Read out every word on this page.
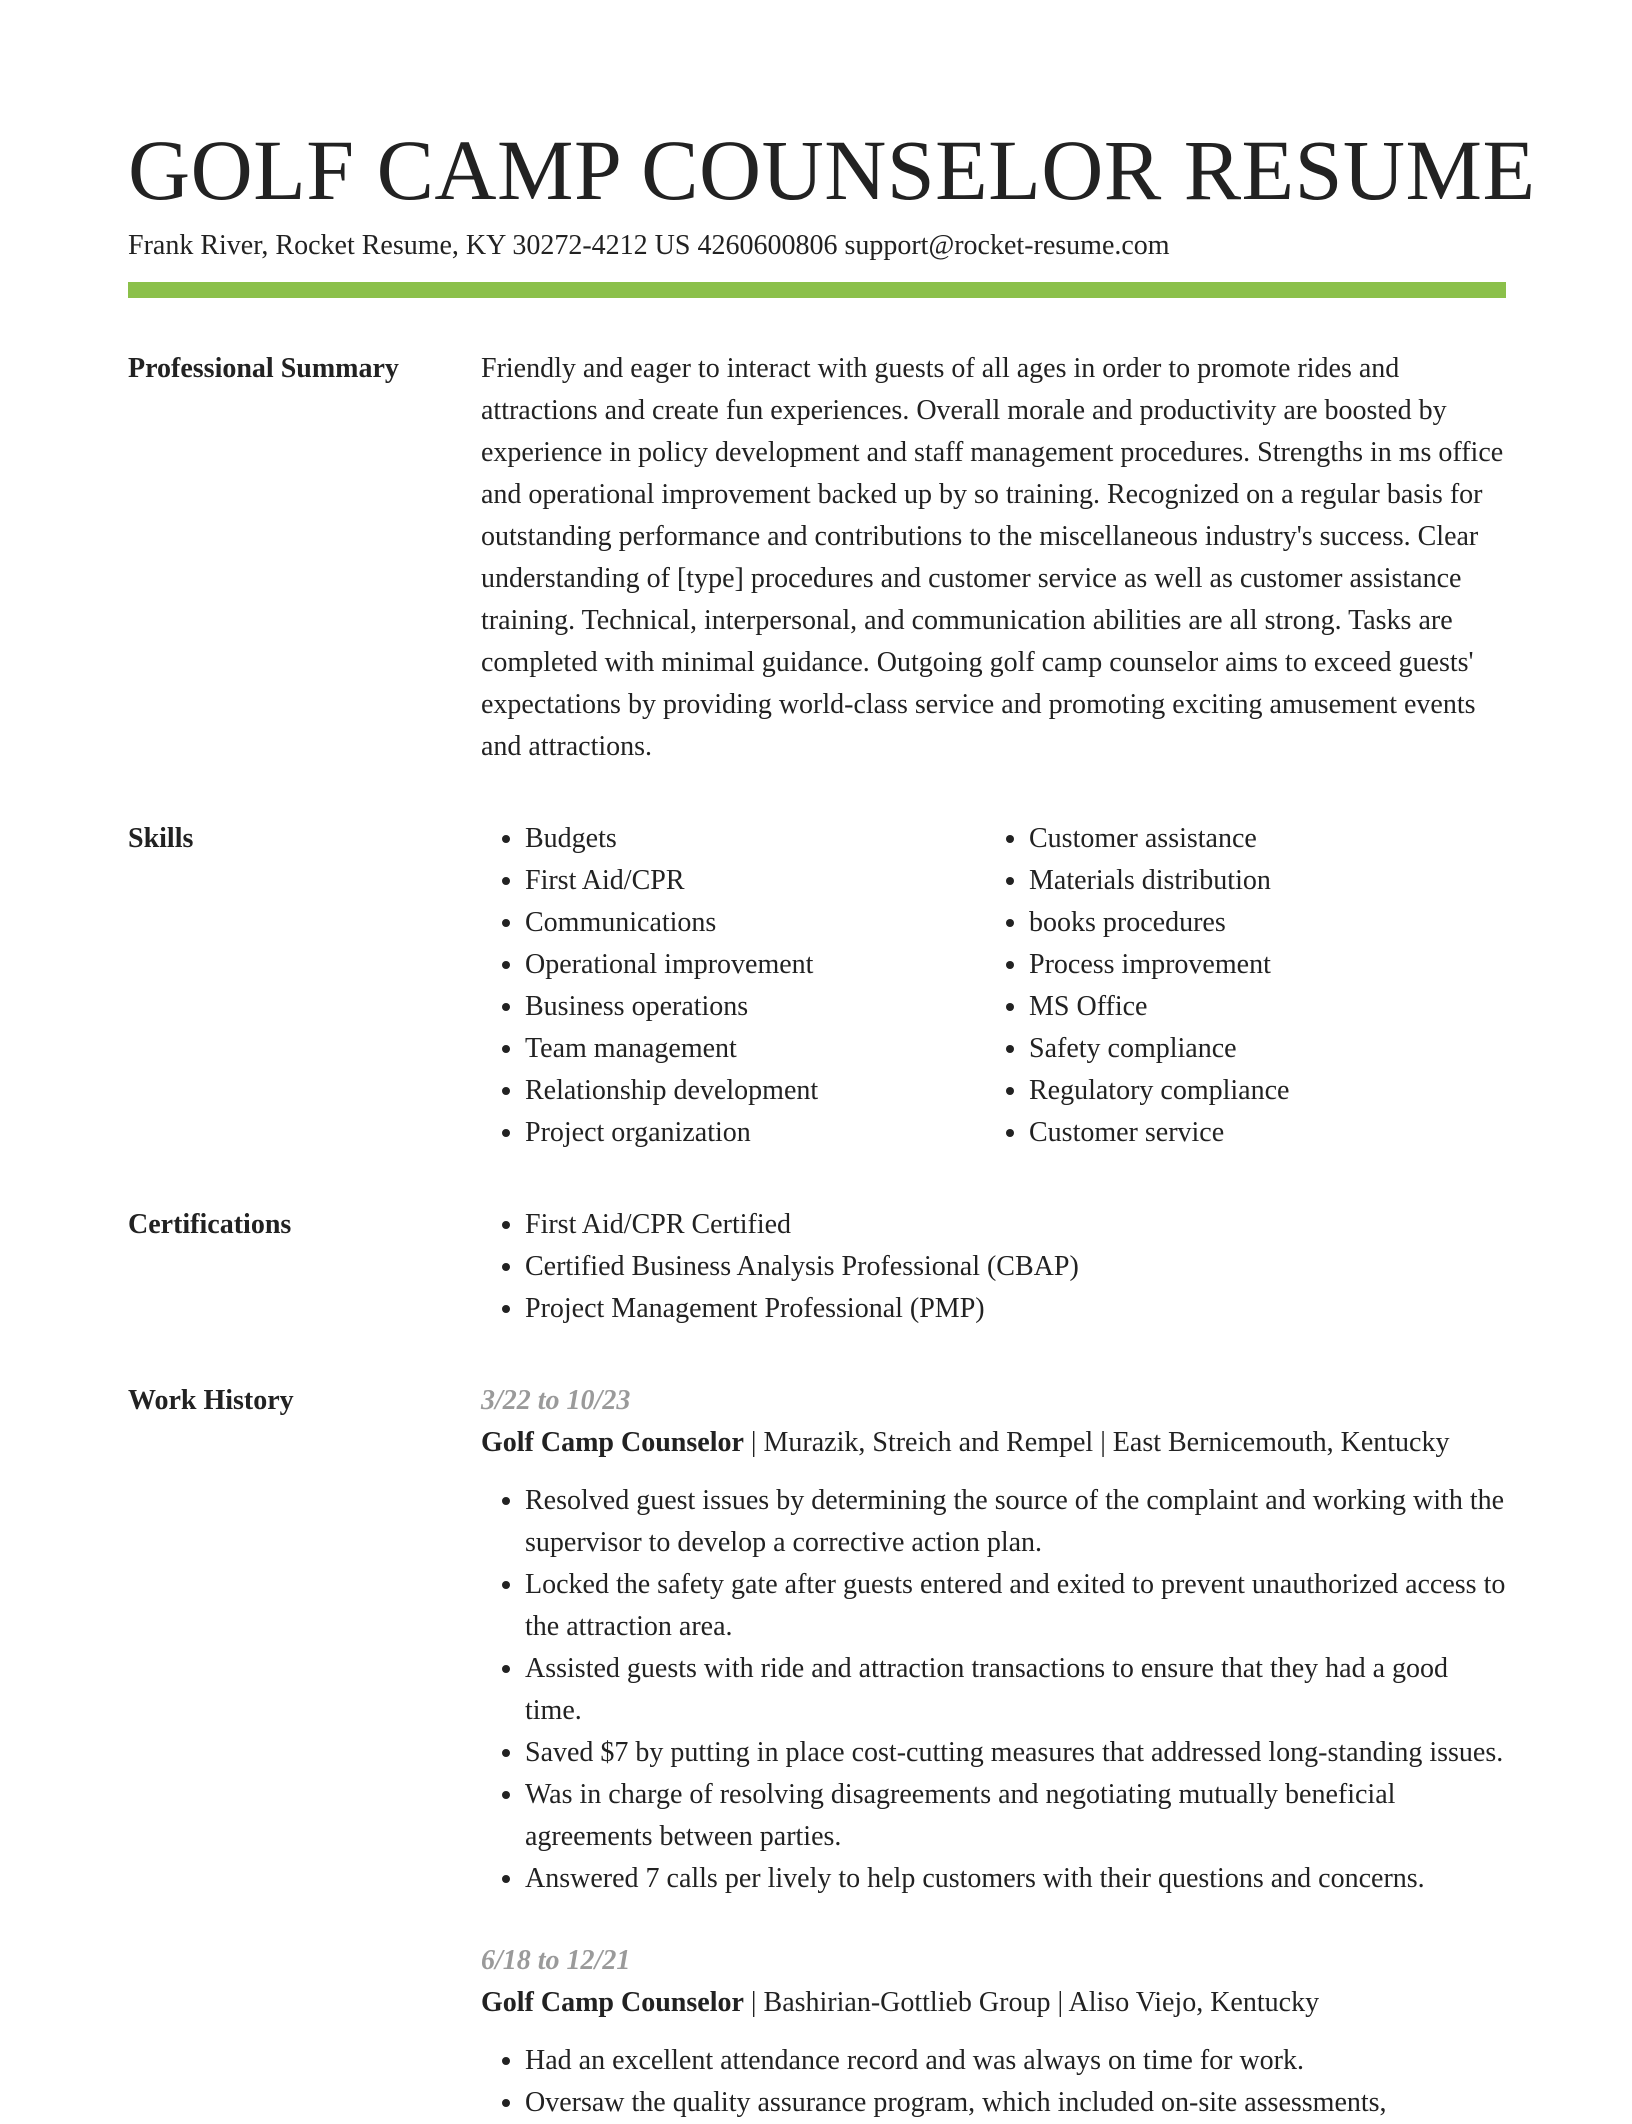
GOLF CAMP COUNSELOR RESUME
Frank River, Rocket Resume, KY 30272-4212 US 4260600806 support@rocket-resume.com
Professional Summary	Friendly and eager to interact with guests of all ages in order to promote rides and attractions and create fun experiences. Overall morale and productivity are boosted by experience in policy development and staff management procedures. Strengths in ms office and operational improvement backed up by so training. Recognized on a regular basis for outstanding performance and contributions to the miscellaneous industry's success. Clear understanding of [type] procedures and customer service as well as customer assistance training. Technical, interpersonal, and communication abilities are all strong. Tasks are completed with minimal guidance. Outgoing golf camp counselor aims to exceed guests' expectations by providing world-class service and promoting exciting amusement events and attractions.

Skills	• Budgets
• First Aid/CPR
• Communications
• Operational improvement
• Business operations
• Team management
• Relationship development
• Project organization
• Customer assistance
• Materials distribution
• books procedures
• Process improvement
• MS Office
• Safety compliance
• Regulatory compliance
• Customer service
Certifications	• First Aid/CPR Certified
• Certified Business Analysis Professional (CBAP)
• Project Management Professional (PMP)
Work History	3/22 to 10/23
Golf Camp Counselor | Murazik, Streich and Rempel | East Bernicemouth, Kentucky
• Resolved guest issues by determining the source of the complaint and working with the supervisor to develop a corrective action plan.
• Locked the safety gate after guests entered and exited to prevent unauthorized access to the attraction area.
• Assisted guests with ride and attraction transactions to ensure that they had a good time.
• Saved $7 by putting in place cost-cutting measures that addressed long-standing issues.
• Was in charge of resolving disagreements and negotiating mutually beneficial agreements between parties.
• Answered 7 calls per lively to help customers with their questions and concerns.
6/18 to 12/21
Golf Camp Counselor | Bashirian-Gottlieb Group | Aliso Viejo, Kentucky
• Had an excellent attendance record and was always on time for work.
• Oversaw the quality assurance program, which included on-site assessments,
